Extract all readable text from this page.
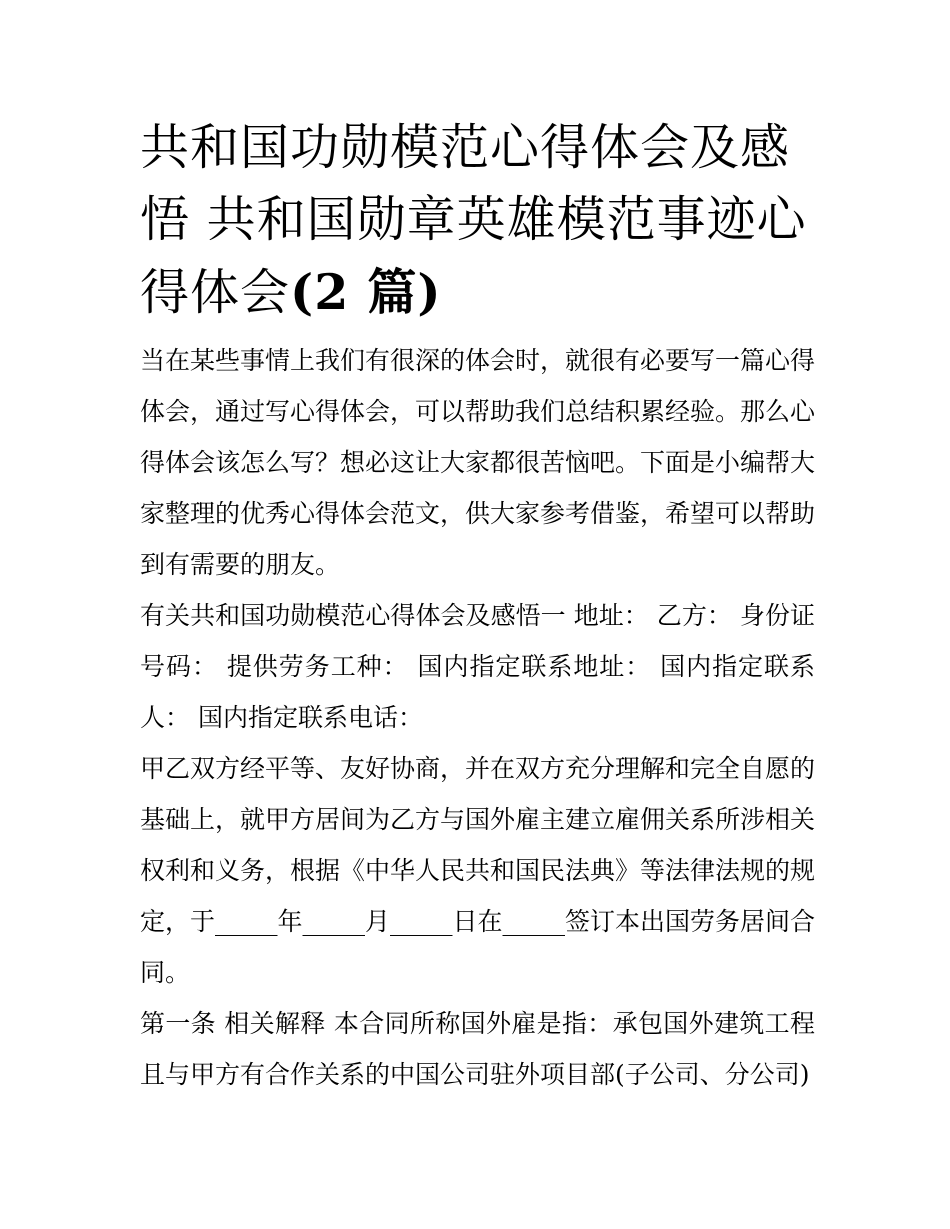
共和国功勋模范心得体会及感悟 共和国勋章英雄模范事迹心得体会(2 篇)

当在某些事情上我们有很深的体会时，就很有必要写一篇心得体会，通过写心得体会，可以帮助我们总结积累经验。那么心得体会该怎么写？想必这让大家都很苦恼吧。下面是小编帮大家整理的优秀心得体会范文，供大家参考借鉴，希望可以帮助到有需要的朋友。

有关共和国功勋模范心得体会及感悟一 地址： 乙方： 身份证号码： 提供劳务工种： 国内指定联系地址： 国内指定联系人： 国内指定联系电话：

甲乙双方经平等、友好协商，并在双方充分理解和完全自愿的基础上，就甲方居间为乙方与国外雇主建立雇佣关系所涉相关权利和义务，根据《中华人民共和国民法典》等法律法规的规定，于_____年_____月_____日在_____签订本出国劳务居间合同。

第一条 相关解释 本合同所称国外雇是指：承包国外建筑工程且与甲方有合作关系的中国公司驻外项目部(子公司、分公司)
